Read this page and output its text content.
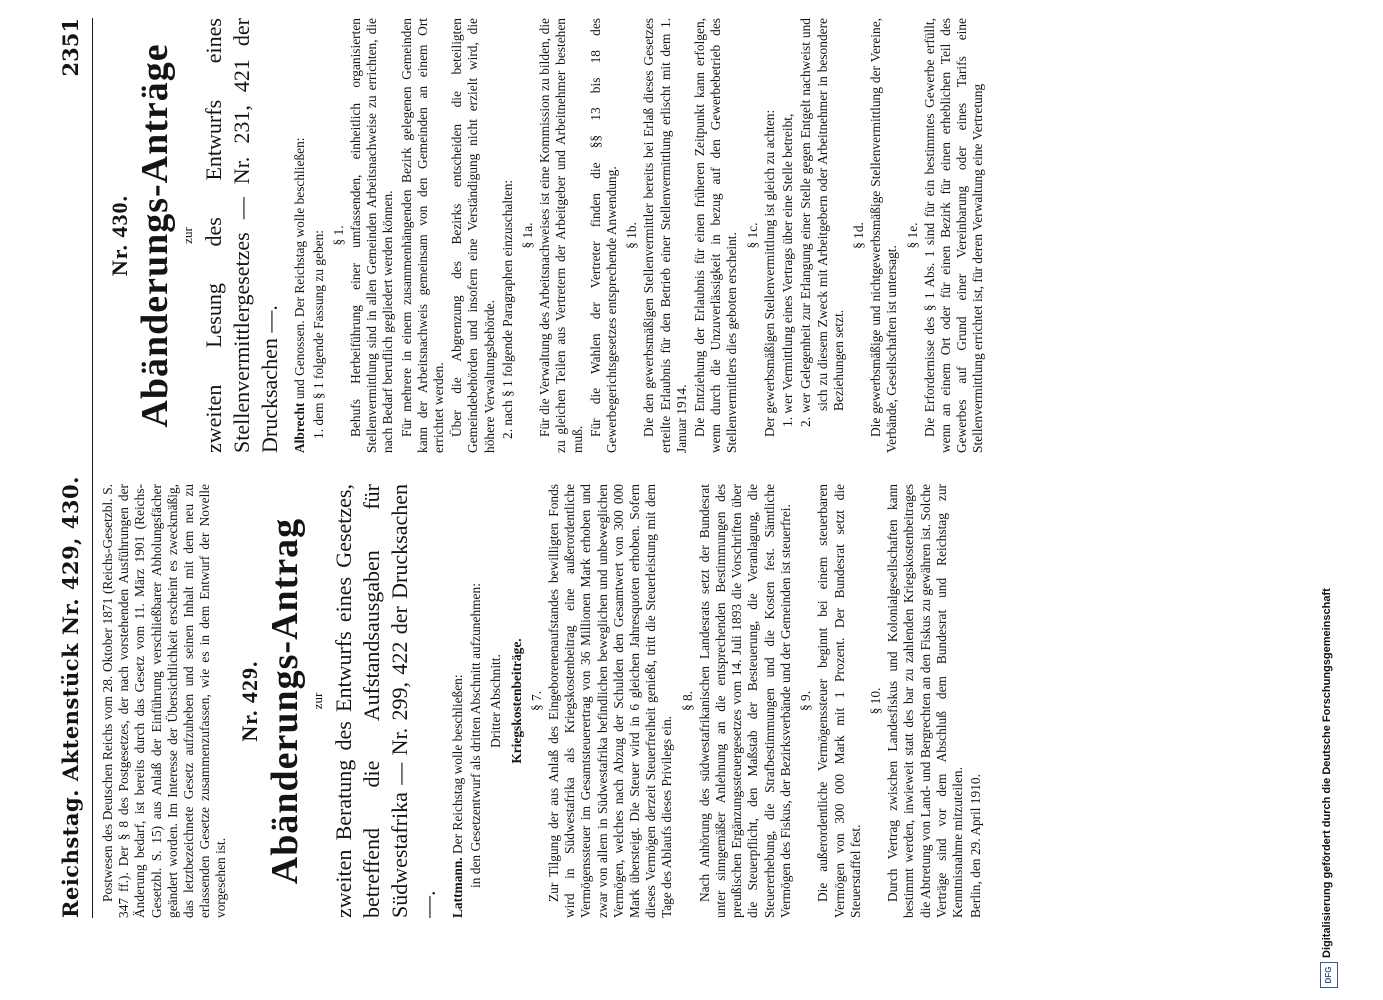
Reichstag. Aktenstück Nr. 429, 430.
2351

Postwesen des Deutschen Reichs vom 28. Oktober 1871 (Reichs-Gesetzbl. S. 347 ff.). Der § 8 des Postgesetzes, der nach vorstehenden Ausführungen der Änderung bedarf, ist bereits durch das Gesetz vom 11. März 1901 (Reichs-Gesetzbl. S. 15) aus Anlaß der Einführung verschließbarer Abholungsfächer geändert worden. Im Interesse der Übersichtlichkeit erscheint es zweckmäßig, das letztbezeichnete Gesetz aufzuheben und seinen Inhalt mit dem neu zu erlassenden Gesetze zusammenzufassen, wie es in dem Entwurf der Novelle vorgesehen ist.

Nr. 429. Abänderungs-Antrag zur zweiten Beratung des Entwurfs eines Gesetzes, betreffend die Aufstandsausgaben für Südwestafrika — Nr. 299, 422 der Drucksachen —. Lattmann. Der Reichstag wolle beschließen: in den Gesetzentwurf als dritten Abschnitt aufzunehmen: Dritter Abschnitt. Kriegskostenbeiträge. § 7. Zur Tilgung der aus Anlaß des Eingeborenenaufstandes bewilligten Fonds wird in Südwestafrika als Kriegskostenbeitrag eine außerordentliche Vermögenssteuer im Gesamtsteuerertrag von 36 Millionen Mark erhoben und zwar von allem in Südwestafrika befindlichen beweglichen und unbeweglichen Vermögen, welches nach Abzug der Schulden den Gesamtwert von 300 000 Mark übersteigt. Die Steuer wird in 6 gleichen Jahresquoten erhoben. Sofern dieses Vermögen derzeit Steuerfreiheit genießt, tritt die Steuerleistung mit dem Tage des Ablaufs dieses Privilegs ein.

§ 8. Nach Anhörung des südwestafrikanischen Landesrats setzt der Bundesrat unter sinngemäßer Anlehnung an die entsprechenden Bestimmungen des preußischen Ergänzungssteuergesetzes vom 14. Juli 1893 die Vorschriften über die Steuerpflicht, den Maßstab der Besteuerung, die Veranlagung, die Steuererhebung, die Strafbestimmungen und die Kosten fest. Sämtliche Vermögen des Fiskus, der Bezirksverbände und der Gemeinden ist steuerfrei. § 9. Die außerordentliche Vermögenssteuer beginnt bei einem steuerbaren Vermögen von 300 000 Mark mit 1 Prozent. Der Bundesrat setzt die Steuerstaffel fest.

§ 10. Durch Vertrag zwischen Landesfiskus und Kolonialgesellschaften kann bestimmt werden, inwieweit statt des bar zu zahlenden Kriegskostenbeitrages die Abtretung von Land- und Bergrechten an den Fiskus zu gewähren ist. Solche Verträge sind vor dem Abschluß dem Bundesrat und Reichstag zur Kenntnisnahme mitzuteilen. Berlin, den 29. April 1910.

Nr. 430. Abänderungs-Anträge zur zweiten Lesung des Entwurfs eines Stellenvermittlergesetzes — Nr. 231, 421 der Drucksachen —. Albrecht und Genossen. Der Reichstag wolle beschließen: 1. dem § 1 folgende Fassung zu geben: § 1. Behufs Herbeiführung einer umfassenden, einheitlich organisierten Stellenvermittlung sind in allen Gemeinden Arbeitsnachweise zu errichten, die nach Bedarf beruflich gegliedert werden können. Für mehrere in einem zusammenhängenden Bezirk gelegenen Gemeinden kann der Arbeitsnachweis gemeinsam von den Gemeinden an einem Ort errichtet werden. Über die Abgrenzung des Bezirks entscheiden die beteiligten Gemeindebehörden und insofern eine Verständigung nicht erzielt wird, die höhere Verwaltungsbehörde. 2. nach § 1 folgende Paragraphen einzuschalten: § 1a. Für die Verwaltung des Arbeitsnachweises ist eine Kommission zu bilden, die zu gleichen Teilen aus Vertretern der Arbeitgeber und Arbeitnehmer bestehen muß.

Für die Wahlen der Vertreter finden die §§ 13 bis 18 des Gewerbegerichtsgesetzes entsprechende Anwendung. § 1b. Die den gewerbsmäßigen Stellenvermittler bereits bei Erlaß dieses Gesetzes erteilte Erlaubnis für den Betrieb einer Stellenvermittlung erlischt mit dem 1. Januar 1914. Die Entziehung der Erlaubnis für einen früheren Zeitpunkt kann erfolgen, wenn durch die Unzuverlässigkeit in bezug auf den Gewerbebetrieb des Stellenvermittlers dies geboten erscheint. § 1c. Der gewerbsmäßigen Stellenvermittlung ist gleich zu achten: 1. wer Vermittlung eines Vertrags über eine Stelle betreibt, 2. wer Gelegenheit zur Erlangung einer Stelle gegen Entgelt nachweist und sich zu diesem Zweck mit Arbeitgebern oder Arbeitnehmer in besondere Beziehungen setzt.

§ 1d. Die gewerbsmäßige und nichtgewerbsmäßige Stellenvermittlung der Vereine, Verbände, Gesellschaften ist untersagt.

§ 1e. Die Erfordernisse des § 1 Abs. 1 sind für ein bestimmtes Gewerbe erfüllt, wenn an einem Ort oder für einen Bezirk für einen erheblichen Teil des Gewerbes auf Grund einer Vereinbarung oder eines Tarifs eine Stellenvermittlung errichtet ist, für deren Verwaltung eine Vertretung

DFG
Digitalisierung gefördert durch die Deutsche Forschungsgemeinschaft
